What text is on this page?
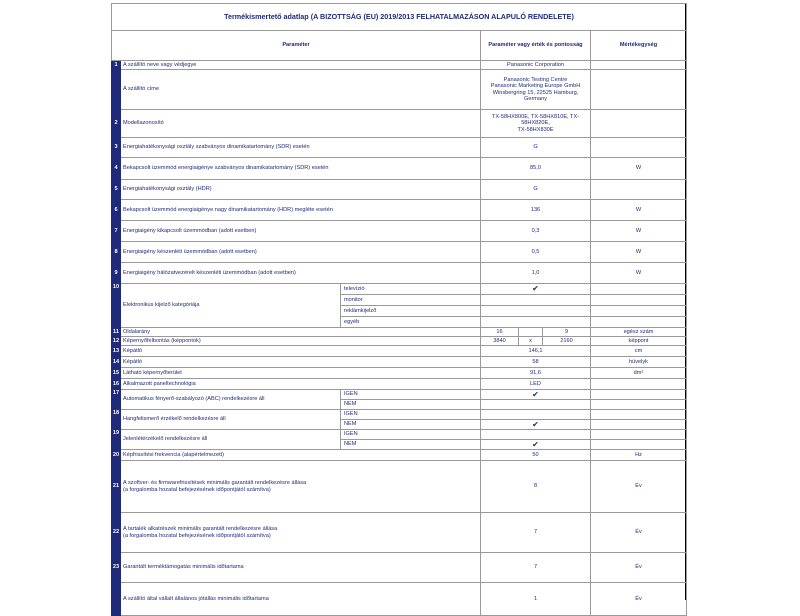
Termékismertető adatlap (A BIZOTTSÁG (EU) 2019/2013 FELHATALMAZÁSON ALAPULÓ RENDELETE)						
Paraméter			Paraméter vagy érték és pontosság			Mértékegység
1	A szállító neve vagy védjegye		Panasonic Corporation			
	A szállító címe		Panasonic Testing Centre
Panasonic Marketing Europe GmbH
Winsbergring 15, 22525 Hamburg, Germany			

2	Modellazonosító		TX-58HX800E, TX-58HX810E, TX-58HX820E,
TX-58HX830E			

3	Energiahatékonysági osztály szabványos dinamikatartomány (SDR) esetén		G			
4	Bekapcsolt üzemmód energiaigénye szabványos dinamikatartomány (SDR) esetén		85,0			W
5	Energiahatékonysági osztály (HDR)		G			
6	Bekapcsolt üzemmód energiaigénye nagy dinamikatartomány (HDR) megléte esetén		136			W
7	Energiaigény kikapcsolt üzemmódban (adott esetben)		0,3			W
8	Energiaigény készenléti üzemmódban (adott esetben)		0,5			W
9	Energiaigény hálózatvezérelt készenléti üzemmódban (adott esetben)		1,0			W
10	Elektronikus kijelző kategóriája	televízió	✔			
		monitor				
		reklámkijelző				
		egyéb				
11	Oldalarány		16		9	egész szám
12	Képernyőfelbontás (képpontok)		3840	x	2160	képpont
13	Képátló		146,1			cm
14	Képátló		58			hüvelyk
15	Látható képernyőterület		91,6			dm²
16	Alkalmazott paneltechnológia		LED			
17	Automatikus fényerő-szabályozó (ABC) rendelkezésre áll	IGEN	✔			
		NEM				
18	Hangfelismerő érzékelő rendelkezésre áll	IGEN				
		NEM	✔			
19	Jelenlétérzékelő rendelkezésre áll	IGEN				
		NEM	✔			
20	Képfrissítési frekvencia (alapértelmezett)		50			Hz
21	A szoftver- és firmwarefrissítések minimális garantált rendelkezésre állása
(a forgalomba hozatal befejezésének időpontjától számítva)		8			Év
22	A tartalék alkatrészek minimális garantált rendelkezésre állása
(a forgalomba hozatal befejezésének időpontjától számítva)		7			Év
23	Garantált terméktámogatás minimális időtartama		7			Év
	A szállító által vállalt általános jótállás minimális időtartama		1			Év
